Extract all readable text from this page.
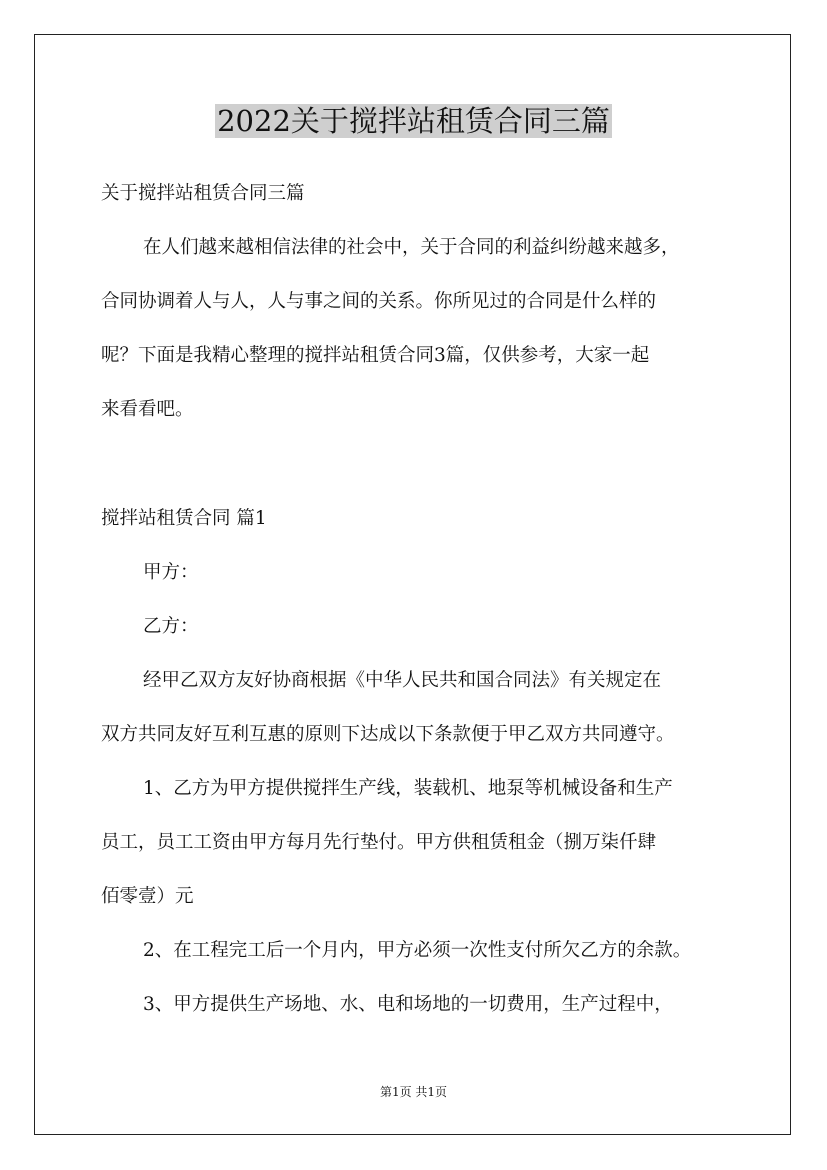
2022关于搅拌站租赁合同三篇
关于搅拌站租赁合同三篇
在人们越来越相信法律的社会中，关于合同的利益纠纷越来越多，
合同协调着人与人，人与事之间的关系。你所见过的合同是什么样的
呢？下面是我精心整理的搅拌站租赁合同3篇，仅供参考，大家一起
来看看吧。
搅拌站租赁合同 篇1
甲方：
乙方：
经甲乙双方友好协商根据《中华人民共和国合同法》有关规定在
双方共同友好互利互惠的原则下达成以下条款便于甲乙双方共同遵守。
1、乙方为甲方提供搅拌生产线，装载机、地泵等机械设备和生产
员工，员工工资由甲方每月先行垫付。甲方供租赁租金（捌万柒仟肆
佰零壹）元
2、在工程完工后一个月内，甲方必须一次性支付所欠乙方的余款。
3、甲方提供生产场地、水、电和场地的一切费用，生产过程中，
第1页 共1页
